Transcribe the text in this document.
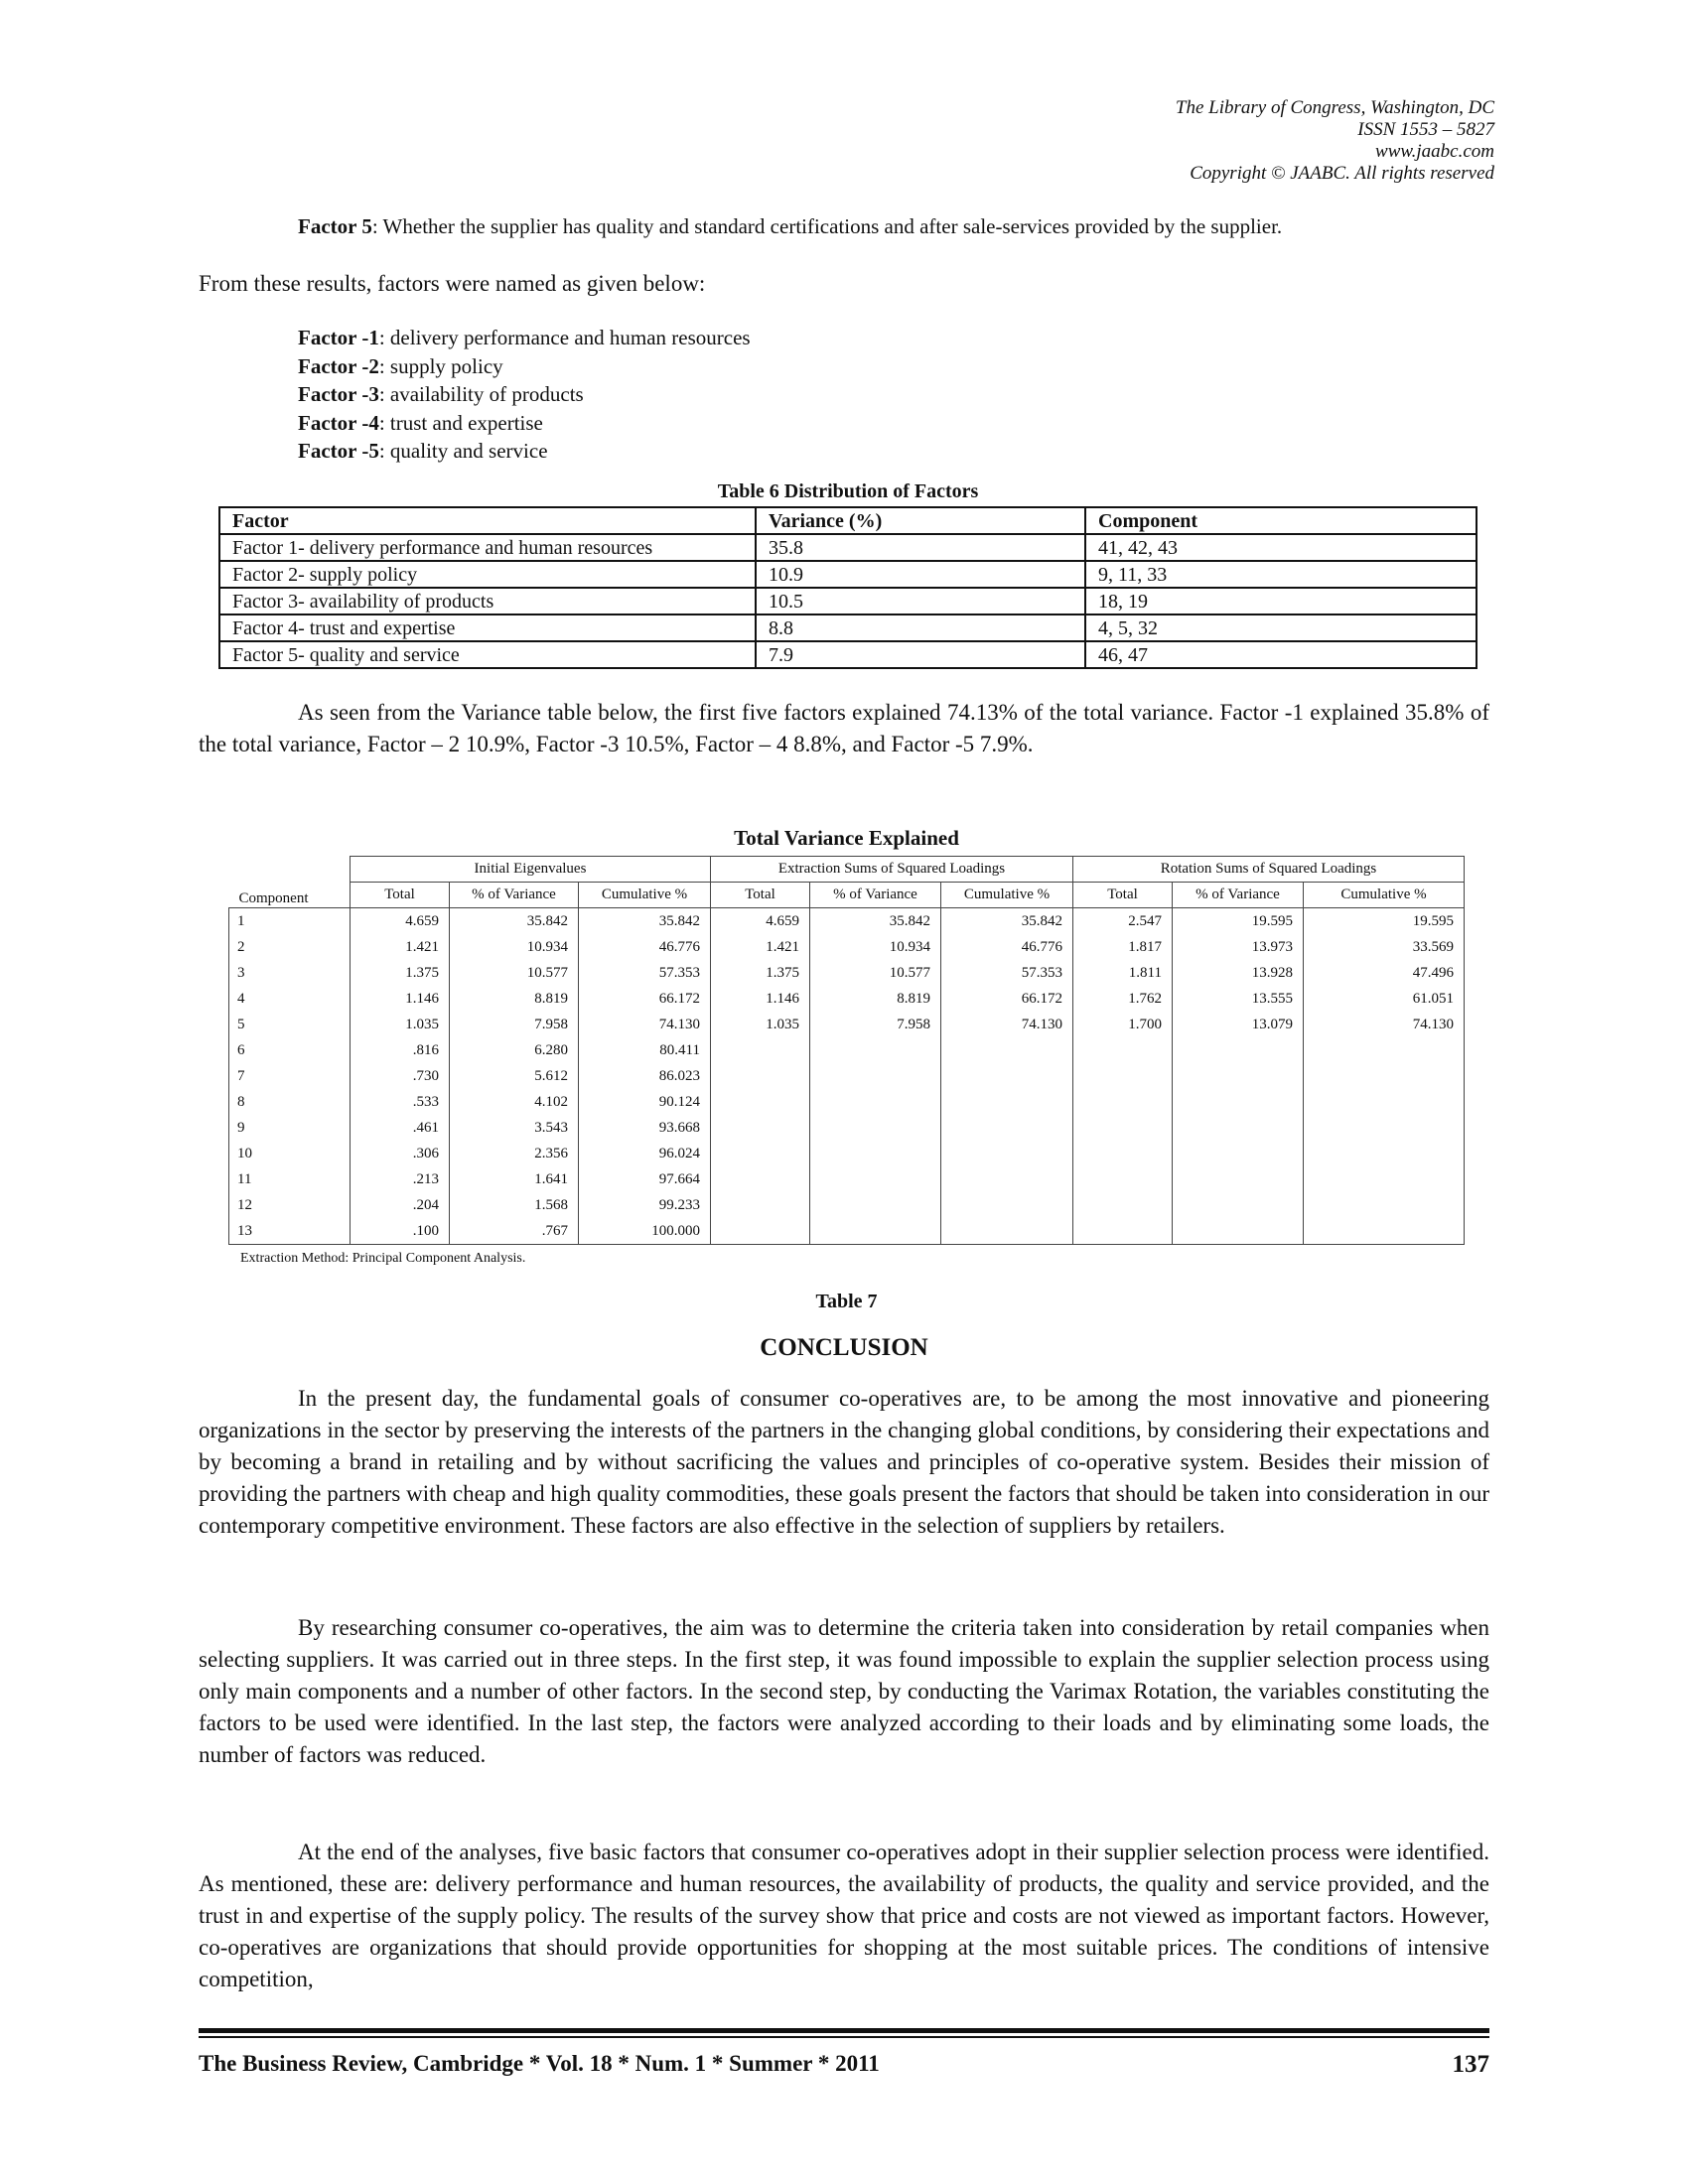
The Library of Congress, Washington, DC
ISSN 1553 – 5827
www.jaabc.com
Copyright © JAABC. All rights reserved
Factor 5: Whether the supplier has quality and standard certifications and after sale-services provided by the supplier.
From these results, factors were named as given below:
Factor -1: delivery performance and human resources
Factor -2: supply policy
Factor -3: availability of products
Factor -4: trust and expertise
Factor -5: quality and service
Table 6 Distribution of Factors
Factor	Variance (%)	Component
Factor 1- delivery performance and human resources	35.8	41, 42, 43
Factor 2- supply policy	10.9	9, 11, 33
Factor 3- availability of products	10.5	18, 19
Factor 4- trust and expertise	8.8	4, 5, 32
Factor 5- quality and service	7.9	46, 47
As seen from the Variance table below, the first five factors explained 74.13% of the total variance. Factor -1 explained 35.8% of the total variance, Factor – 2 10.9%, Factor -3 10.5%, Factor – 4 8.8%, and Factor -5 7.9%.
Total Variance Explained
Component	Initial Eigenvalues			Extraction Sums of Squared Loadings			Rotation Sums of Squared Loadings		
	Total	% of Variance	Cumulative %	Total	% of Variance	Cumulative %	Total	% of Variance	Cumulative %
1	4.659	35.842	35.842	4.659	35.842	35.842	2.547	19.595	19.595
2	1.421	10.934	46.776	1.421	10.934	46.776	1.817	13.973	33.569
3	1.375	10.577	57.353	1.375	10.577	57.353	1.811	13.928	47.496
4	1.146	8.819	66.172	1.146	8.819	66.172	1.762	13.555	61.051
5	1.035	7.958	74.130	1.035	7.958	74.130	1.700	13.079	74.130
6	.816	6.280	80.411						
7	.730	5.612	86.023						
8	.533	4.102	90.124						
9	.461	3.543	93.668						
10	.306	2.356	96.024						
11	.213	1.641	97.664						
12	.204	1.568	99.233						
13	.100	.767	100.000						
Extraction Method: Principal Component Analysis.
Table 7
CONCLUSION
In the present day, the fundamental goals of consumer co-operatives are, to be among the most innovative and pioneering organizations in the sector by preserving the interests of the partners in the changing global conditions, by considering their expectations and by becoming a brand in retailing and by without sacrificing the values and principles of co-operative system. Besides their mission of providing the partners with cheap and high quality commodities, these goals present the factors that should be taken into consideration in our contemporary competitive environment. These factors are also effective in the selection of suppliers by retailers.
By researching consumer co-operatives, the aim was to determine the criteria taken into consideration by retail companies when selecting suppliers. It was carried out in three steps. In the first step, it was found impossible to explain the supplier selection process using only main components and a number of other factors. In the second step, by conducting the Varimax Rotation, the variables constituting the factors to be used were identified. In the last step, the factors were analyzed according to their loads and by eliminating some loads, the number of factors was reduced.
At the end of the analyses, five basic factors that consumer co-operatives adopt in their supplier selection process were identified. As mentioned, these are: delivery performance and human resources, the availability of products, the quality and service provided, and the trust in and expertise of the supply policy. The results of the survey show that price and costs are not viewed as important factors. However, co-operatives are organizations that should provide opportunities for shopping at the most suitable prices. The conditions of intensive competition,
The Business Review, Cambridge * Vol. 18 * Num. 1 * Summer * 2011	137
